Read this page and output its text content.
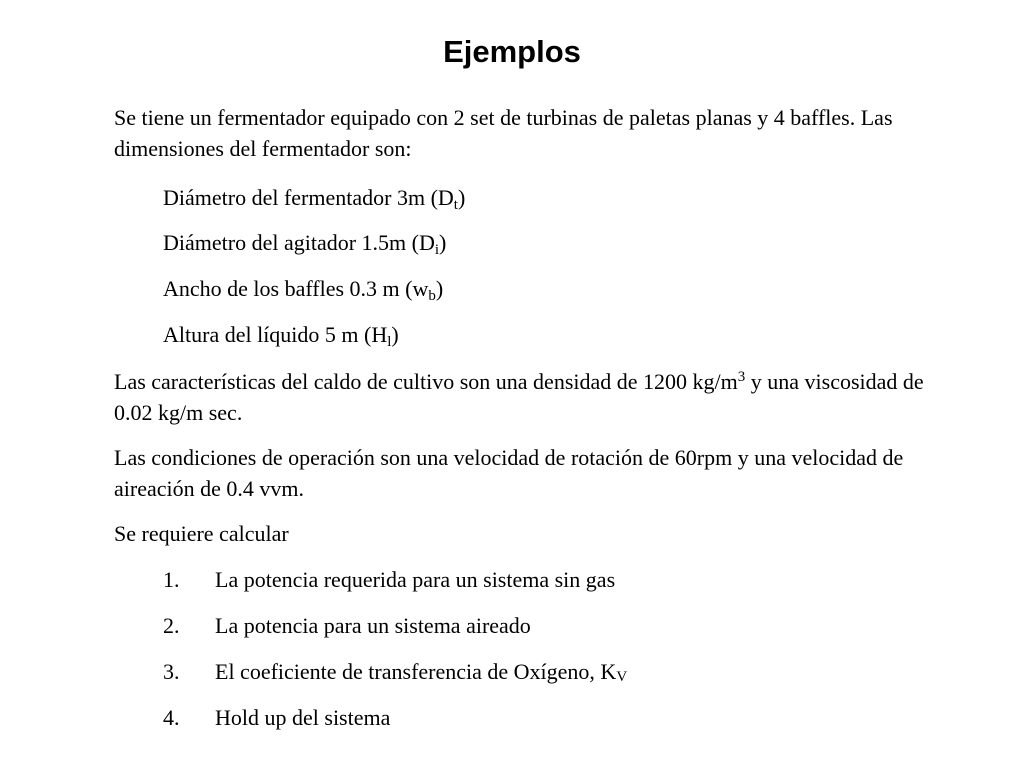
Ejemplos

Se tiene un fermentador equipado con 2 set de turbinas de paletas planas y 4 baffles. Las dimensiones del fermentador son:

Diámetro del fermentador 3m $(D_t)$

Diámetro del agitador 1.5m $(D_i)$

Ancho de los baffles 0.3 m $(w_b)$

Altura del líquido 5 m $(H_l)$

Las características del caldo de cultivo son una densidad de 1200 $kg/m^3$ y una viscosidad de 0.02 kg/m sec.

Las condiciones de operación son una velocidad de rotación de 60rpm y una velocidad de aireación de 0.4 vvm.

Se requiere calcular

1.	La potencia requerida para un sistema sin gas

2.	La potencia para un sistema aireado

3.	El coeficiente de transferencia de Oxígeno, KV

4.	Hold up del sistema
